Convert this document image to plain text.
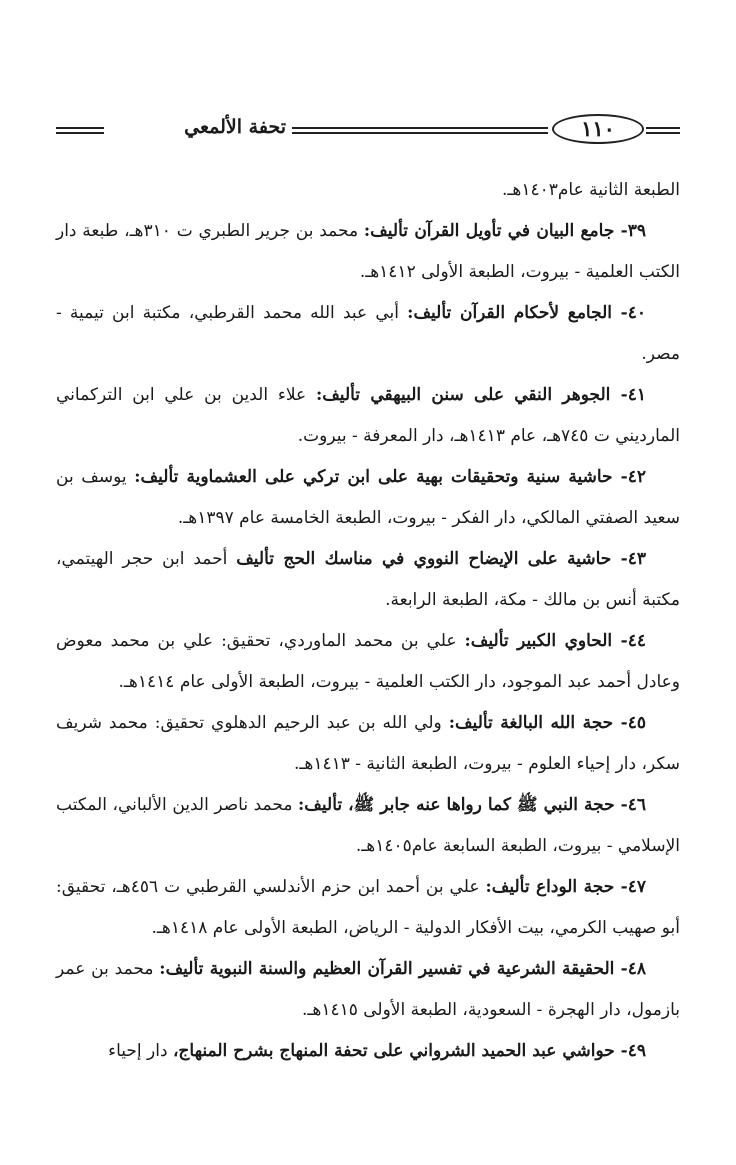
١١٠
تحفة الألمعي

الطبعة الثانية عام١٤٠٣هـ.

٣٩- جامع البيان في تأويل القرآن تأليف: محمد بن جرير الطبري ت ٣١٠هـ، طبعة دار الكتب العلمية - بيروت، الطبعة الأولى ١٤١٢هـ.

٤٠- الجامع لأحكام القرآن تأليف: أبي عبد الله محمد القرطبي، مكتبة ابن تيمية - مصر.

٤١- الجوهر النقي على سنن البيهقي تأليف: علاء الدين بن علي ابن التركماني المارديني ت ٧٤٥هـ، عام ١٤١٣هـ، دار المعرفة - بيروت.

٤٢- حاشية سنية وتحقيقات بهية على ابن تركي على العشماوية تأليف: يوسف بن سعيد الصفتي المالكي، دار الفكر - بيروت، الطبعة الخامسة عام ١٣٩٧هـ.

٤٣- حاشية على الإيضاح النووي في مناسك الحج تأليف أحمد ابن حجر الهيتمي، مكتبة أنس بن مالك - مكة، الطبعة الرابعة.

٤٤- الحاوي الكبير تأليف: علي بن محمد الماوردي، تحقيق: علي بن محمد معوض وعادل أحمد عبد الموجود، دار الكتب العلمية - بيروت، الطبعة الأولى عام ١٤١٤هـ.

٤٥- حجة الله البالغة تأليف: ولي الله بن عبد الرحيم الدهلوي تحقيق: محمد شريف سكر، دار إحياء العلوم - بيروت، الطبعة الثانية - ١٤١٣هـ.

٤٦- حجة النبي ﷺ كما رواها عنه جابر ﷺ، تأليف: محمد ناصر الدين الألباني، المكتب الإسلامي - بيروت، الطبعة السابعة عام١٤٠٥هـ.

٤٧- حجة الوداع تأليف: علي بن أحمد ابن حزم الأندلسي القرطبي ت ٤٥٦هـ، تحقيق: أبو صهيب الكرمي، بيت الأفكار الدولية - الرياض، الطبعة الأولى عام ١٤١٨هـ.

٤٨- الحقيقة الشرعية في تفسير القرآن العظيم والسنة النبوية تأليف: محمد بن عمر بازمول، دار الهجرة - السعودية، الطبعة الأولى ١٤١٥هـ.

٤٩- حواشي عبد الحميد الشرواني على تحفة المنهاج بشرح المنهاج، دار إحياء
